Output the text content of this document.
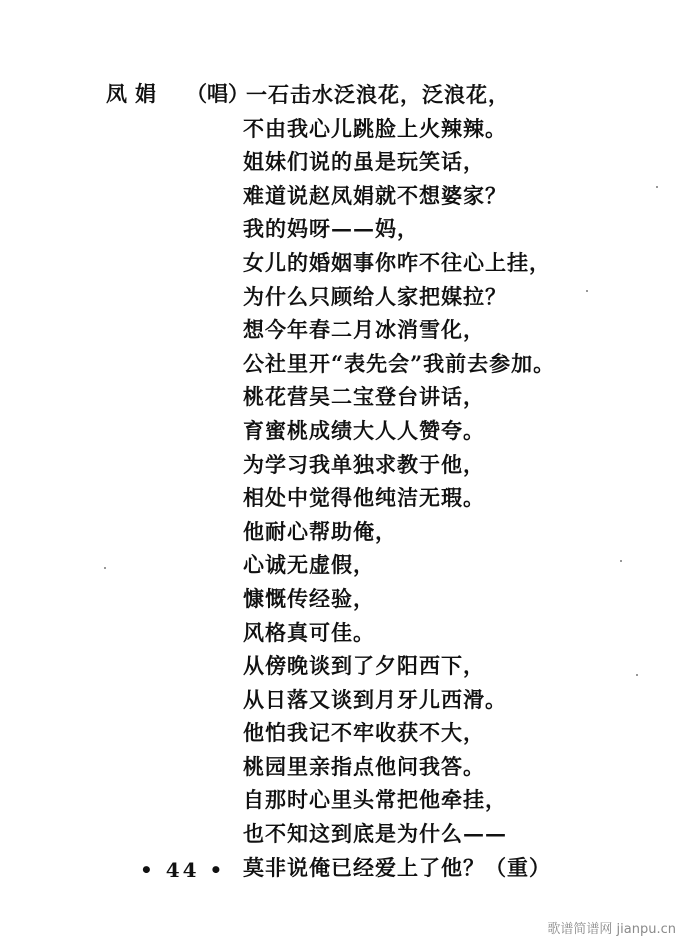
凤娟 （唱）
一石击水泛浪花，泛浪花，
不由我心儿跳脸上火辣辣。
姐妹们说的虽是玩笑话，
难道说赵凤娟就不想婆家？
我的妈呀——妈，
女儿的婚姻事你咋不往心上挂，
为什么只顾给人家把媒拉？
想今年春二月冰消雪化，
公社里开“表先会”我前去参加。
桃花营吴二宝登台讲话，
育蜜桃成绩大人人赞夸。
为学习我单独求教于他，
相处中觉得他纯洁无瑕。
他耐心帮助俺，
心诚无虚假，
慷慨传经验，
风格真可佳。
从傍晚谈到了夕阳西下，
从日落又谈到月牙儿西滑。
他怕我记不牢收获不大，
桃园里亲指点他问我答。
自那时心里头常把他牵挂，
也不知这到底是为什么——
莫非说俺已经爱上了他？（重）
• 44 •
歌谱简谱网 jianpu.cn
